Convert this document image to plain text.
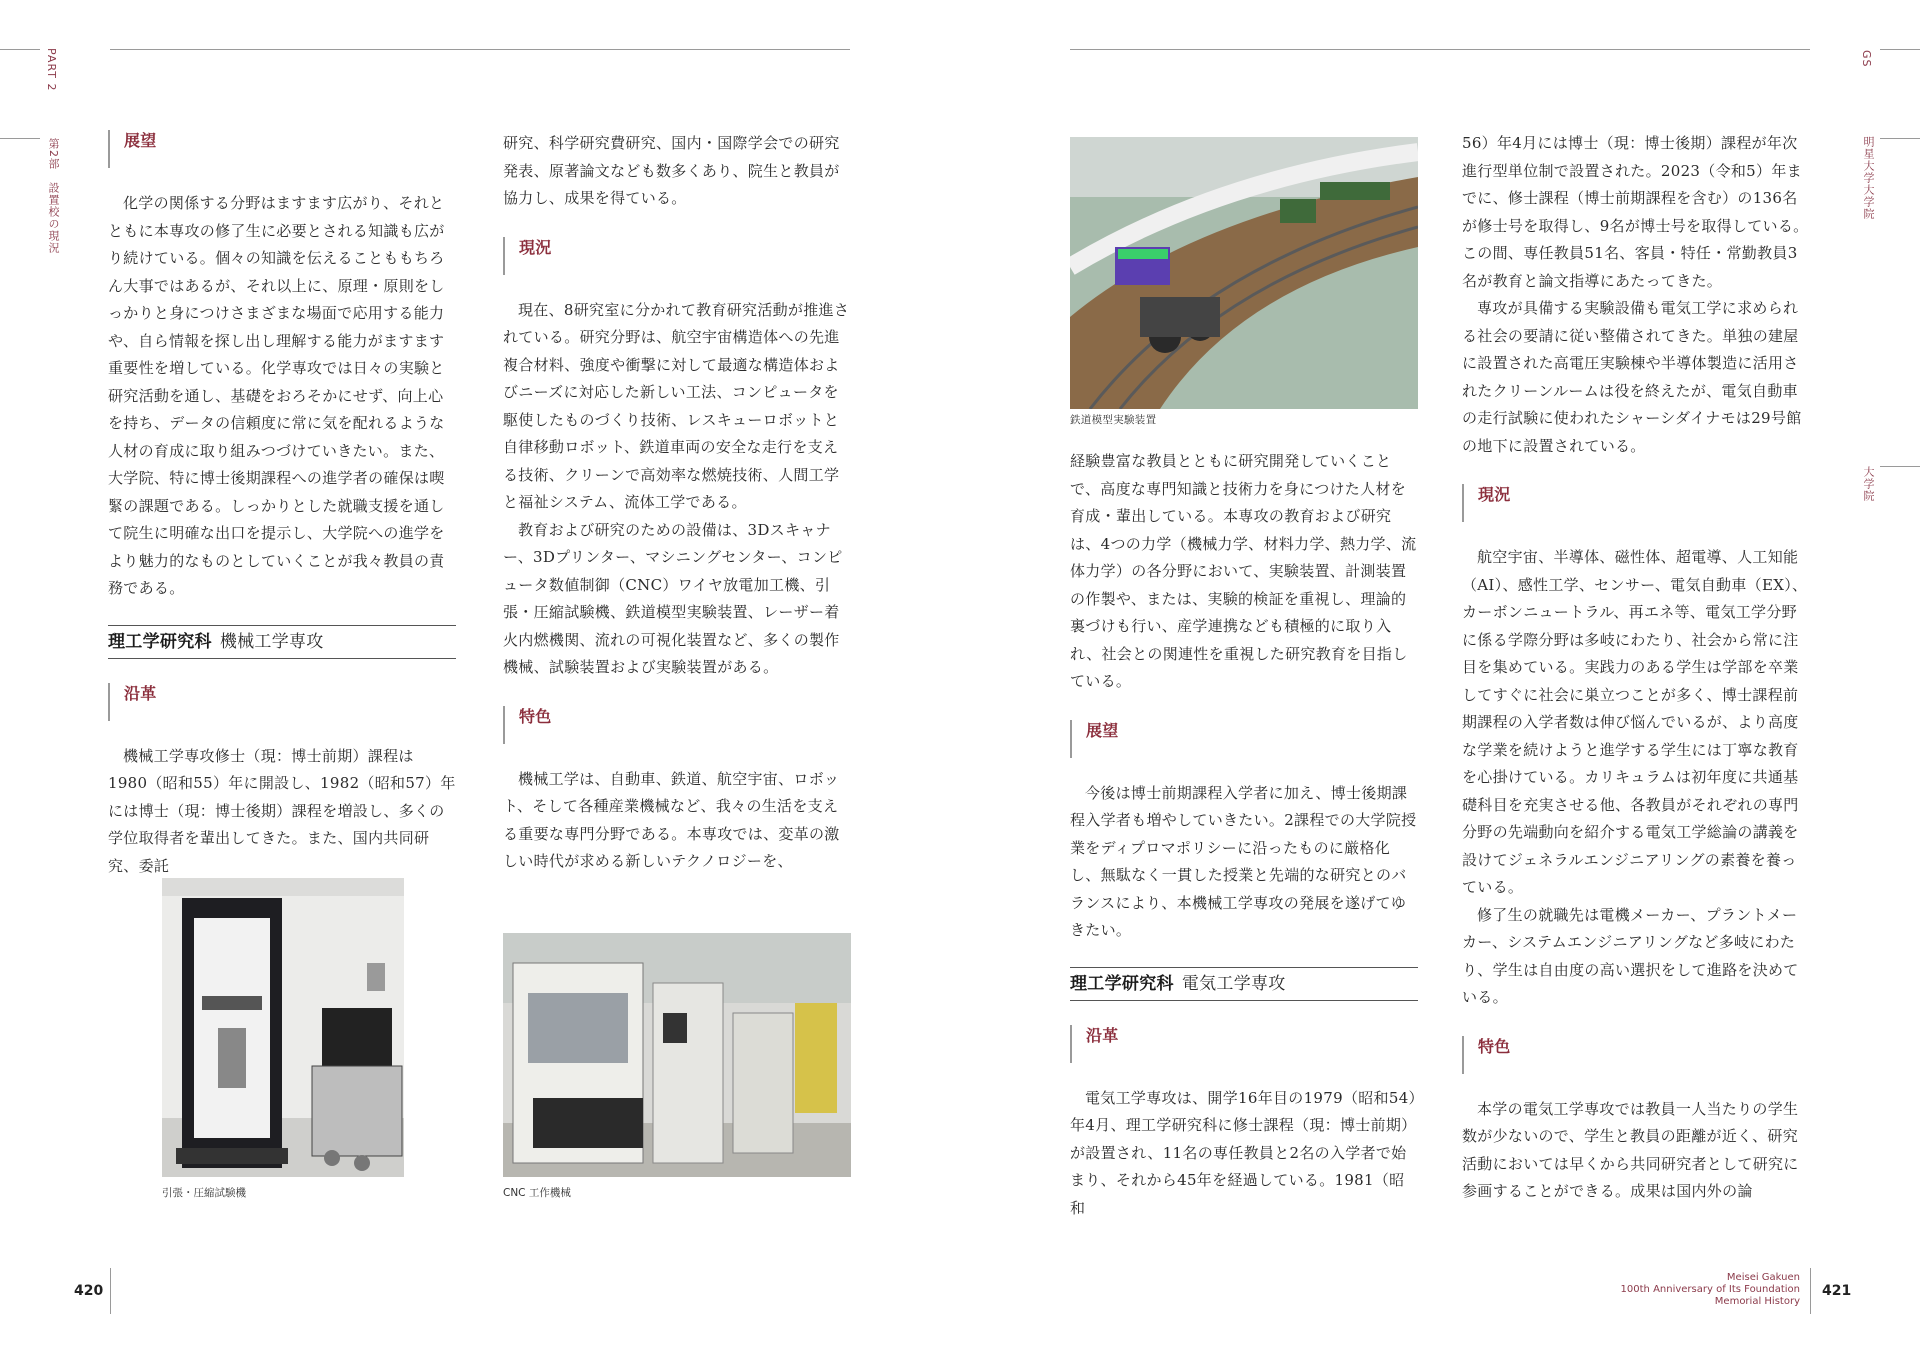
PART 2
第2部　設置校の現況	展望

化学の関係する分野はますます広がり、それとともに本専攻の修了生に必要とされる知識も広がり続けている。個々の知識を伝えることももちろん大事ではあるが、それ以上に、原理・原則をしっかりと身につけさまざまな場面で応用する能力や、自ら情報を探し出し理解する能力がますます重要性を増している。化学専攻では日々の実験と研究活動を通し、基礎をおろそかにせず、向上心を持ち、データの信頼度に常に気を配れるような人材の育成に取り組みつづけていきたい。また、大学院、特に博士後期課程への進学者の確保は喫緊の課題である。しっかりとした就職支援を通して院生に明確な出口を提示し、大学院への進学をより魅力的なものとしていくことが我々教員の責務である。

理工学研究科 機械工学専攻
沿革

機械工学専攻修士（現：博士前期）課程は 1980（昭和55）年に開設し、1982（昭和57）年には博士（現：博士後期）課程を増設し、多くの学位取得者を輩出してきた。また、国内共同研究、委託

引張・圧縮試験機

研究、科学研究費研究、国内・国際学会での研究発表、原著論文なども数多くあり、院生と教員が協力し、成果を得ている。

現況

現在、8研究室に分かれて教育研究活動が推進されている。研究分野は、航空宇宙構造体への先進複合材料、強度や衝撃に対して最適な構造体およびニーズに対応した新しい工法、コンピュータを駆使したものづくり技術、レスキューロボットと自律移動ロボット、鉄道車両の安全な走行を支える技術、クリーンで高効率な燃焼技術、人間工学と福祉システム、流体工学である。

教育および研究のための設備は、3Dスキャナー、3Dプリンター、マシニングセンター、コンピュータ数値制御（CNC）ワイヤ放電加工機、引張・圧縮試験機、鉄道模型実験装置、レーザー着火内燃機関、流れの可視化装置など、多くの製作機械、試験装置および実験装置がある。

特色

機械工学は、自動車、鉄道、航空宇宙、ロボット、そして各種産業機械など、我々の生活を支える重要な専門分野である。本専攻では、変革の激しい時代が求める新しいテクノロジーを、

CNC 工作機械
420
GS
明星大学大学院
大学院
鉄道模型実験装置

経験豊富な教員とともに研究開発していくことで、高度な専門知識と技術力を身につけた人材を育成・輩出している。本専攻の教育および研究は、4つの力学（機械力学、材料力学、熱力学、流体力学）の各分野において、実験装置、計測装置の作製や、または、実験的検証を重視し、理論的裏づけも行い、産学連携なども積極的に取り入れ、社会との関連性を重視した研究教育を目指している。

展望

今後は博士前期課程入学者に加え、博士後期課程入学者も増やしていきたい。2課程での大学院授業をディプロマポリシーに沿ったものに厳格化し、無駄なく一貫した授業と先端的な研究とのバランスにより、本機械工学専攻の発展を遂げてゆきたい。

理工学研究科 電気工学専攻
沿革

電気工学専攻は、開学16年目の1979（昭和54）年4月、理工学研究科に修士課程（現：博士前期）が設置され、11名の専任教員と2名の入学者で始まり、それから45年を経過している。1981（昭和

56）年4月には博士（現：博士後期）課程が年次進行型単位制で設置された。2023（令和5）年までに、修士課程（博士前期課程を含む）の136名が修士号を取得し、9名が博士号を取得している。この間、専任教員51名、客員・特任・常勤教員3名が教育と論文指導にあたってきた。

専攻が具備する実験設備も電気工学に求められる社会の要請に従い整備されてきた。単独の建屋に設置された高電圧実験棟や半導体製造に活用されたクリーンルームは役を終えたが、電気自動車の走行試験に使われたシャーシダイナモは29号館の地下に設置されている。

現況

航空宇宙、半導体、磁性体、超電導、人工知能（AI）、感性工学、センサー、電気自動車（EX）、カーボンニュートラル、再エネ等、電気工学分野に係る学際分野は多岐にわたり、社会から常に注目を集めている。実践力のある学生は学部を卒業してすぐに社会に巣立つことが多く、博士課程前期課程の入学者数は伸び悩んでいるが、より高度な学業を続けようと進学する学生には丁寧な教育を心掛けている。カリキュラムは初年度に共通基礎科目を充実させる他、各教員がそれぞれの専門分野の先端動向を紹介する電気工学総論の講義を設けてジェネラルエンジニアリングの素養を養っている。

修了生の就職先は電機メーカー、プラントメーカー、システムエンジニアリングなど多岐にわたり、学生は自由度の高い選択をして進路を決めている。

特色

本学の電気工学専攻では教員一人当たりの学生数が少ないので、学生と教員の距離が近く、研究活動においては早くから共同研究者として研究に参画することができる。成果は国内外の論

Meisei Gakuen
100th Anniversary of Its Foundation
Memorial History
421
